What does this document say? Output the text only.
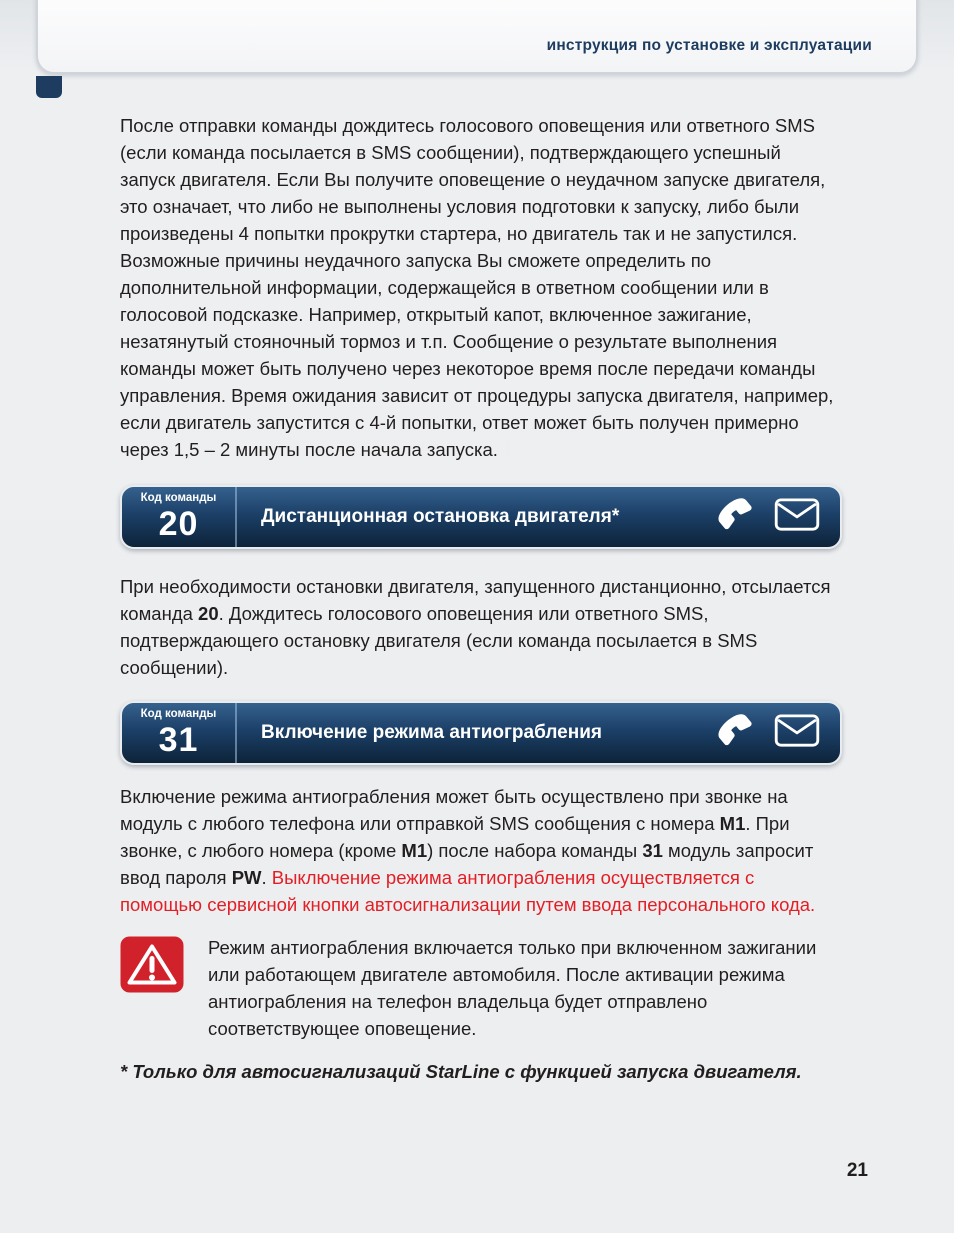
инструкция по установке и эксплуатации

После отправки команды дождитесь голосового оповещения или ответного SMS (если команда посылается в SMS сообщении), подтверждающего успешный запуск двигателя. Если Вы получите оповещение о неудачном запуске двигателя, это означает, что либо не выполнены условия подготовки к запуску, либо были произведены 4 попытки прокрутки стартера, но двигатель так и не запустился. Возможные причины неудачного запуска Вы сможете определить по дополнительной информации, содержащейся в ответном сообщении или в голосовой подсказке. Например, открытый капот, включенное зажигание, незатянутый стояночный тормоз и т.п. Сообщение о результате выполнения команды может быть получено через некоторое время после передачи команды управления. Время ожидания зависит от процедуры запуска двигателя, например, если двигатель запустится с 4-й попытки, ответ может быть получен примерно через 1,5 – 2 минуты после начала запуска.

Код команды
20	Дистанционная остановка двигателя*

При необходимости остановки двигателя, запущенного дистанционно, отсылается команда 20. Дождитесь голосового оповещения или ответного SMS, подтверждающего остановку двигателя (если команда посылается в SMS сообщении).

Код команды
31	Включение режима антиограбления

Включение режима антиограбления может быть осуществлено при звонке на модуль с любого телефона или отправкой SMS сообщения с номера М1. При звонке, с любого номера (кроме М1) после набора команды 31 модуль запросит ввод пароля PW. Выключение режима антиограбления осуществляется с помощью сервисной кнопки автосигнализации путем ввода персонального кода.

Режим антиограбления включается только при включенном зажигании или работающем двигателе автомобиля. После активации режима антиограбления на телефон владельца будет отправлено соответствующее оповещение.

* Только для автосигнализаций StarLine с функцией запуска двигателя.

21
